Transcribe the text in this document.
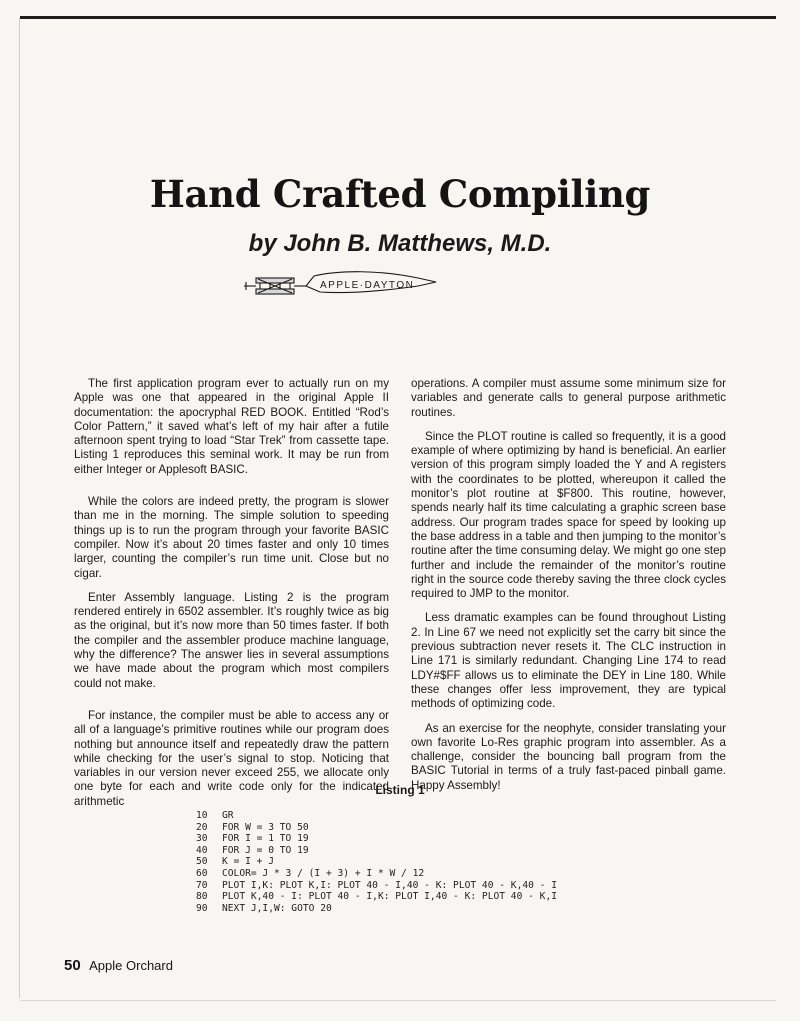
Hand Crafted Compiling
by John B. Matthews, M.D.
APPLE·DAYTON

The first application program ever to actually run on my Apple was one that appeared in the original Apple II documentation: the apocryphal RED BOOK. Entitled “Rod’s Color Pattern,” it saved what’s left of my hair after a futile afternoon spent trying to load “Star Trek” from cassette tape. Listing 1 reproduces this seminal work. It may be run from either Integer or Applesoft BASIC.

While the colors are indeed pretty, the program is slower than me in the morning. The simple solution to speeding things up is to run the program through your favorite BASIC compiler. Now it’s about 20 times faster and only 10 times larger, counting the compiler’s run time unit. Close but no cigar.

Enter Assembly language. Listing 2 is the program rendered entirely in 6502 assembler. It’s roughly twice as big as the original, but it’s now more than 50 times faster. If both the compiler and the assembler produce machine language, why the difference? The answer lies in several assumptions we have made about the program which most compilers could not make.

For instance, the compiler must be able to access any or all of a language’s primitive routines while our program does nothing but announce itself and repeatedly draw the pattern while checking for the user’s signal to stop. Noticing that variables in our version never exceed 255, we allocate only one byte for each and write code only for the indicated arithmetic

operations. A compiler must assume some minimum size for variables and generate calls to general purpose arithmetic routines.

Since the PLOT routine is called so frequently, it is a good example of where optimizing by hand is beneficial. An earlier version of this program simply loaded the Y and A registers with the coordinates to be plotted, whereupon it called the monitor’s plot routine at $F800. This routine, however, spends nearly half its time calculating a graphic screen base address. Our program trades space for speed by looking up the base address in a table and then jumping to the monitor’s routine after the time consuming delay. We might go one step further and include the remainder of the monitor’s routine right in the source code thereby saving the three clock cycles required to JMP to the monitor.

Less dramatic examples can be found throughout Listing 2. In Line 67 we need not explicitly set the carry bit since the previous subtraction never resets it. The CLC instruction in Line 171 is similarly redundant. Changing Line 174 to read LDY#$FF allows us to eliminate the DEY in Line 180. While these changes offer less improvement, they are typical methods of optimizing code.

As an exercise for the neophyte, consider translating your own favorite Lo-Res graphic program into assembler. As a challenge, consider the bouncing ball program from the BASIC Tutorial in terms of a truly fast-paced pinball game. Happy Assembly!

Listing 1
10 GR
20 FOR W = 3 TO 50
30 FOR I = 1 TO 19
40 FOR J = 0 TO 19
50 K = I + J
60 COLOR= J * 3 / (I + 3) + I * W / 12
70 PLOT I,K: PLOT K,I: PLOT 40 - I,40 - K: PLOT 40 - K,40 - I
80 PLOT K,40 - I: PLOT 40 - I,K: PLOT I,40 - K: PLOT 40 - K,I
90 NEXT J,I,W: GOTO 20
50 Apple Orchard
